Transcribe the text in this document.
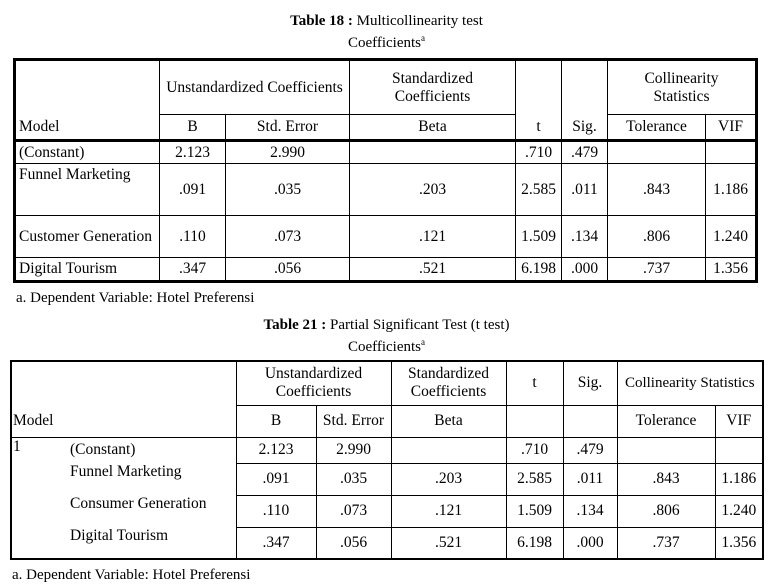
Table 18 : Multicollinearity test
Coefficients$^a$
	Unstandardized Coefficients		Standardized Coefficients			Collinearity Statistics	
Model	B	Std. Error	Beta	t	Sig.	Tolerance	VIF
(Constant)	2.123	2.990		.710	.479		
Funnel Marketing	.091	.035	.203	2.585	.011	.843	1.186
Customer Generation	.110	.073	.121	1.509	.134	.806	1.240
Digital Tourism	.347	.056	.521	6.198	.000	.737	1.356
a. Dependent Variable: Hotel Preferensi
Table 21 : Partial Significant Test (t test)
Coefficients$^a$
		Unstandardized Coefficients		Standardized Coefficients	t	Sig.	Collinearity Statistics	
Model		B	Std. Error	Beta			Tolerance	VIF
1	(Constant)	2.123	2.990		.710	.479		
	Funnel Marketing	.091	.035	.203	2.585	.011	.843	1.186
	Consumer Generation	.110	.073	.121	1.509	.134	.806	1.240
	Digital Tourism	.347	.056	.521	6.198	.000	.737	1.356
a. Dependent Variable: Hotel Preferensi
